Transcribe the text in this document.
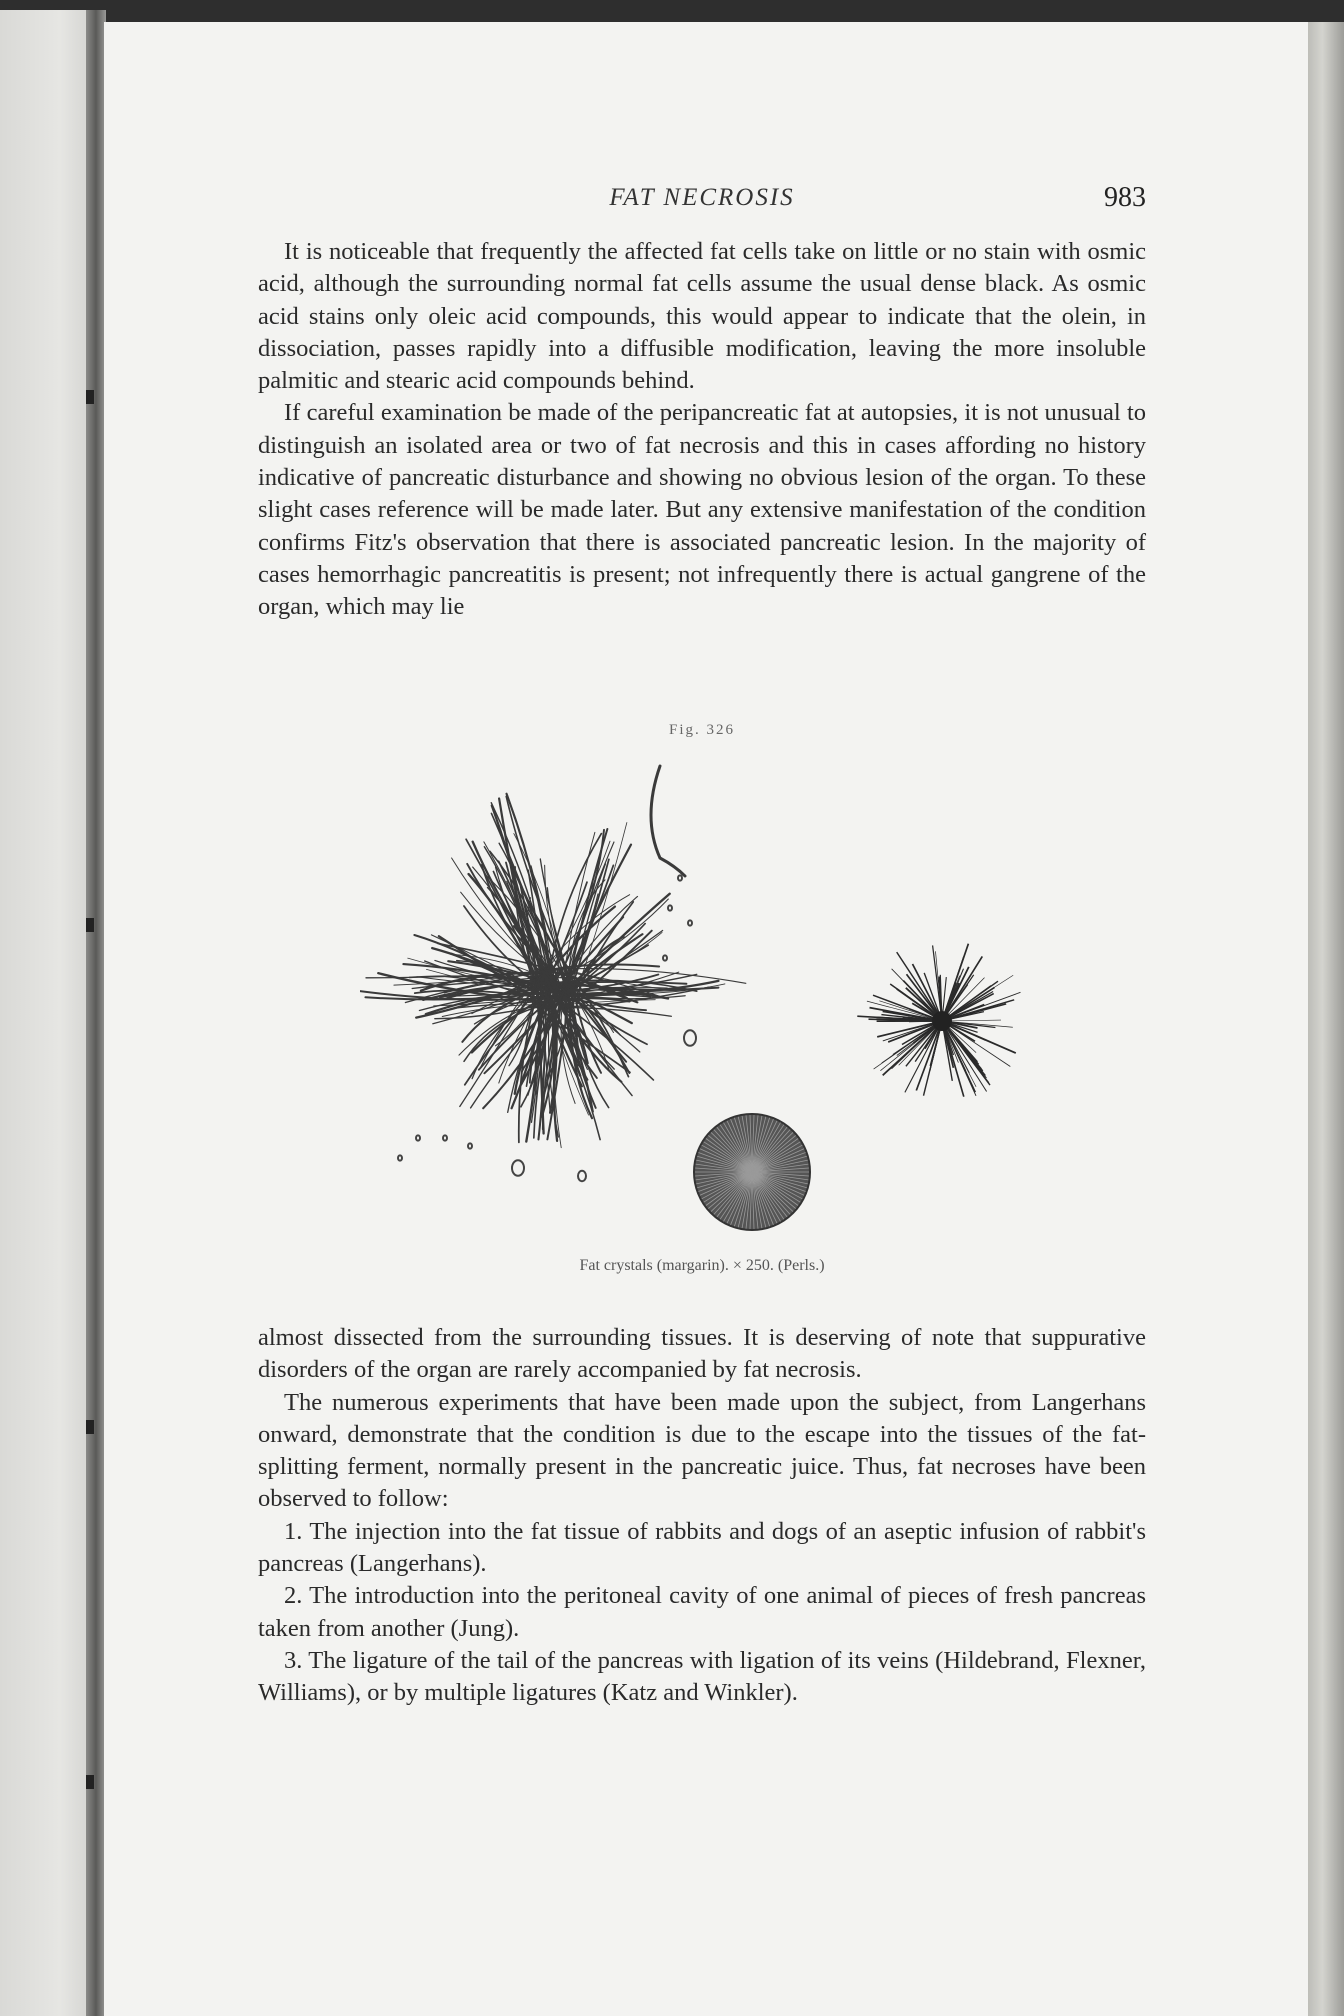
FAT NECROSIS	983

It is noticeable that frequently the affected fat cells take on little or no stain with osmic acid, although the surrounding normal fat cells assume the usual dense black. As osmic acid stains only oleic acid compounds, this would appear to indicate that the olein, in dissociation, passes rapidly into a diffusible modification, leaving the more insoluble palmitic and stearic acid compounds behind.

If careful examination be made of the peripancreatic fat at autopsies, it is not unusual to distinguish an isolated area or two of fat necrosis and this in cases affording no history indicative of pancreatic disturbance and showing no obvious lesion of the organ. To these slight cases reference will be made later. But any extensive manifestation of the condition confirms Fitz's observation that there is associated pancreatic lesion. In the majority of cases hemorrhagic pancreatitis is present; not infrequently there is actual gangrene of the organ, which may lie

Fig. 326
Fat crystals (margarin). × 250. (Perls.)

almost dissected from the surrounding tissues. It is deserving of note that suppurative disorders of the organ are rarely accompanied by fat necrosis.

The numerous experiments that have been made upon the subject, from Langerhans onward, demonstrate that the condition is due to the escape into the tissues of the fat-splitting ferment, normally present in the pancreatic juice. Thus, fat necroses have been observed to follow:

1. The injection into the fat tissue of rabbits and dogs of an aseptic infusion of rabbit's pancreas (Langerhans).

2. The introduction into the peritoneal cavity of one animal of pieces of fresh pancreas taken from another (Jung).

3. The ligature of the tail of the pancreas with ligation of its veins (Hildebrand, Flexner, Williams), or by multiple ligatures (Katz and Winkler).
